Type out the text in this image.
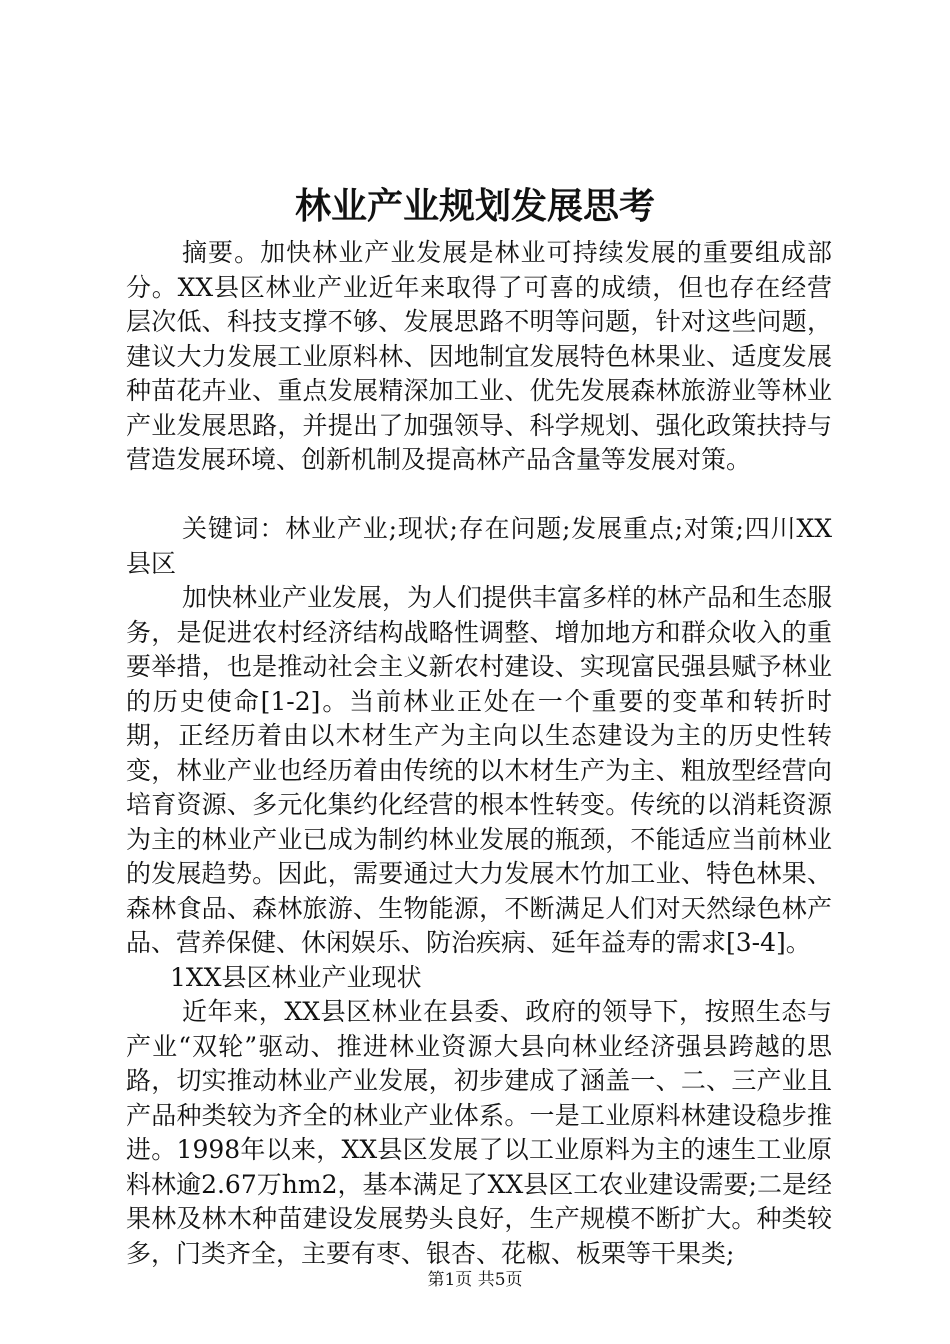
林业产业规划发展思考

摘要。加快林业产业发展是林业可持续发展的重要组成部分。XX县区林业产业近年来取得了可喜的成绩，但也存在经营层次低、科技支撑不够、发展思路不明等问题，针对这些问题，建议大力发展工业原料林、因地制宜发展特色林果业、适度发展种苗花卉业、重点发展精深加工业、优先发展森林旅游业等林业产业发展思路，并提出了加强领导、科学规划、强化政策扶持与营造发展环境、创新机制及提高林产品含量等发展对策。

关键词：林业产业;现状;存在问题;发展重点;对策;四川XX县区

加快林业产业发展，为人们提供丰富多样的林产品和生态服务，是促进农村经济结构战略性调整、增加地方和群众收入的重要举措，也是推动社会主义新农村建设、实现富民强县赋予林业的历史使命[1-2]。当前林业正处在一个重要的变革和转折时期，正经历着由以木材生产为主向以生态建设为主的历史性转变，林业产业也经历着由传统的以木材生产为主、粗放型经营向培育资源、多元化集约化经营的根本性转变。传统的以消耗资源为主的林业产业已成为制约林业发展的瓶颈，不能适应当前林业的发展趋势。因此，需要通过大力发展木竹加工业、特色林果、森林食品、森林旅游、生物能源，不断满足人们对天然绿色林产品、营养保健、休闲娱乐、防治疾病、延年益寿的需求[3-4]。

1XX县区林业产业现状

近年来，XX县区林业在县委、政府的领导下，按照生态与产业“双轮”驱动、推进林业资源大县向林业经济强县跨越的思路，切实推动林业产业发展，初步建成了涵盖一、二、三产业且产品种类较为齐全的林业产业体系。一是工业原料林建设稳步推进。1998年以来，XX县区发展了以工业原料为主的速生工业原料林逾2.67万hm2，基本满足了XX县区工农业建设需要;二是经果林及林木种苗建设发展势头良好，生产规模不断扩大。种类较多，门类齐全，主要有枣、银杏、花椒、板栗等干果类;

第1页 共5页
